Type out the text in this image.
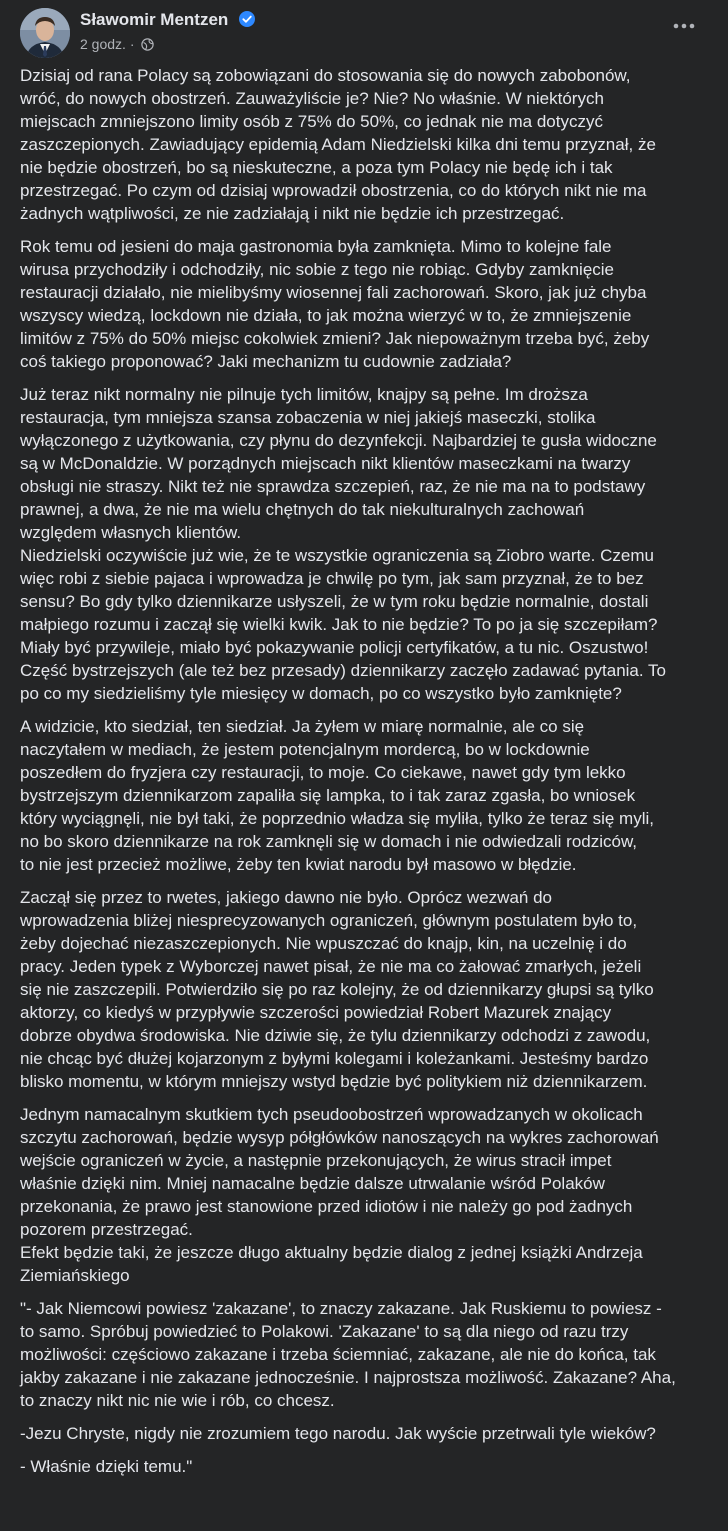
Sławomir Mentzen
2 godz. ·

Dzisiaj od rana Polacy są zobowiązani do stosowania się do nowych zabobonów,
wróć, do nowych obostrzeń. Zauważyliście je? Nie? No właśnie. W niektórych
miejscach zmniejszono limity osób z 75% do 50%, co jednak nie ma dotyczyć
zaszczepionych. Zawiadujący epidemią Adam Niedzielski kilka dni temu przyznał, że
nie będzie obostrzeń, bo są nieskuteczne, a poza tym Polacy nie będę ich i tak
przestrzegać. Po czym od dzisiaj wprowadził obostrzenia, co do których nikt nie ma
żadnych wątpliwości, ze nie zadziałają i nikt nie będzie ich przestrzegać.

Rok temu od jesieni do maja gastronomia była zamknięta. Mimo to kolejne fale
wirusa przychodziły i odchodziły, nic sobie z tego nie robiąc. Gdyby zamknięcie
restauracji działało, nie mielibyśmy wiosennej fali zachorowań. Skoro, jak już chyba
wszyscy wiedzą, lockdown nie działa, to jak można wierzyć w to, że zmniejszenie
limitów z 75% do 50% miejsc cokolwiek zmieni? Jak niepoważnym trzeba być, żeby
coś takiego proponować? Jaki mechanizm tu cudownie zadziała?

Już teraz nikt normalny nie pilnuje tych limitów, knajpy są pełne. Im droższa
restauracja, tym mniejsza szansa zobaczenia w niej jakiejś maseczki, stolika
wyłączonego z użytkowania, czy płynu do dezynfekcji. Najbardziej te gusła widoczne
są w McDonaldzie. W porządnych miejscach nikt klientów maseczkami na twarzy
obsługi nie straszy. Nikt też nie sprawdza szczepień, raz, że nie ma na to podstawy
prawnej, a dwa, że nie ma wielu chętnych do tak niekulturalnych zachowań
względem własnych klientów.
Niedzielski oczywiście już wie, że te wszystkie ograniczenia są Ziobro warte. Czemu
więc robi z siebie pajaca i wprowadza je chwilę po tym, jak sam przyznał, że to bez
sensu? Bo gdy tylko dziennikarze usłyszeli, że w tym roku będzie normalnie, dostali
małpiego rozumu i zaczął się wielki kwik. Jak to nie będzie? To po ja się szczepiłam?
Miały być przywileje, miało być pokazywanie policji certyfikatów, a tu nic. Oszustwo!
Część bystrzejszych (ale też bez przesady) dziennikarzy zaczęło zadawać pytania. To
po co my siedzieliśmy tyle miesięcy w domach, po co wszystko było zamknięte?

A widzicie, kto siedział, ten siedział. Ja żyłem w miarę normalnie, ale co się
naczytałem w mediach, że jestem potencjalnym mordercą, bo w lockdownie
poszedłem do fryzjera czy restauracji, to moje. Co ciekawe, nawet gdy tym lekko
bystrzejszym dziennikarzom zapaliła się lampka, to i tak zaraz zgasła, bo wniosek
który wyciągnęli, nie był taki, że poprzednio władza się myliła, tylko że teraz się myli,
no bo skoro dziennikarze na rok zamknęli się w domach i nie odwiedzali rodziców,
to nie jest przecież możliwe, żeby ten kwiat narodu był masowo w błędzie.

Zaczął się przez to rwetes, jakiego dawno nie było. Oprócz wezwań do
wprowadzenia bliżej niesprecyzowanych ograniczeń, głównym postulatem było to,
żeby dojechać niezaszczepionych. Nie wpuszczać do knajp, kin, na uczelnię i do
pracy. Jeden typek z Wyborczej nawet pisał, że nie ma co żałować zmarłych, jeżeli
się nie zaszczepili. Potwierdziło się po raz kolejny, że od dziennikarzy głupsi są tylko
aktorzy, co kiedyś w przypływie szczerości powiedział Robert Mazurek znający
dobrze obydwa środowiska. Nie dziwie się, że tylu dziennikarzy odchodzi z zawodu,
nie chcąc być dłużej kojarzonym z byłymi kolegami i koleżankami. Jesteśmy bardzo
blisko momentu, w którym mniejszy wstyd będzie być politykiem niż dziennikarzem.

Jednym namacalnym skutkiem tych pseudoobostrzeń wprowadzanych w okolicach
szczytu zachorowań, będzie wysyp półgłówków nanoszących na wykres zachorowań
wejście ograniczeń w życie, a następnie przekonujących, że wirus stracił impet
właśnie dzięki nim. Mniej namacalne będzie dalsze utrwalanie wśród Polaków
przekonania, że prawo jest stanowione przed idiotów i nie należy go pod żadnych
pozorem przestrzegać.
Efekt będzie taki, że jeszcze długo aktualny będzie dialog z jednej książki Andrzeja
Ziemiańskiego

"- Jak Niemcowi powiesz 'zakazane', to znaczy zakazane. Jak Ruskiemu to powiesz -
to samo. Spróbuj powiedzieć to Polakowi. 'Zakazane' to są dla niego od razu trzy
możliwości: częściowo zakazane i trzeba ściemniać, zakazane, ale nie do końca, tak
jakby zakazane i nie zakazane jednocześnie. I najprostsza możliwość. Zakazane? Aha,
to znaczy nikt nic nie wie i rób, co chcesz.

-Jezu Chryste, nigdy nie zrozumiem tego narodu. Jak wyście przetrwali tyle wieków?

- Właśnie dzięki temu."
